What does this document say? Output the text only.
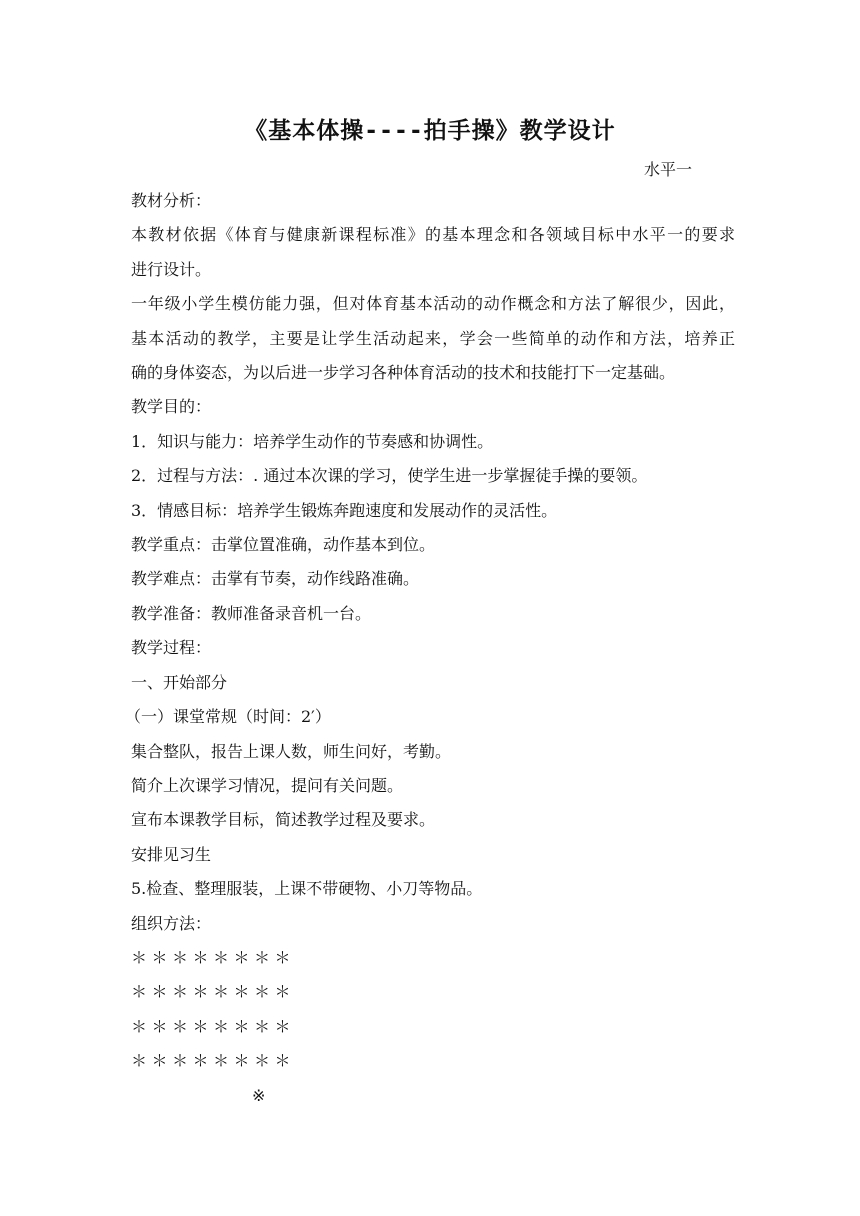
《基本体操----拍手操》教学设计
水平一

教材分析：

本教材依据《体育与健康新课程标准》的基本理念和各领域目标中水平一的要求

进行设计。

一年级小学生模仿能力强，但对体育基本活动的动作概念和方法了解很少，因此，

基本活动的教学，主要是让学生活动起来，学会一些简单的动作和方法，培养正

确的身体姿态，为以后进一步学习各种体育活动的技术和技能打下一定基础。

教学目的：

1．知识与能力：培养学生动作的节奏感和协调性。

2．过程与方法：. 通过本次课的学习，使学生进一步掌握徒手操的要领。

3．情感目标：培养学生锻炼奔跑速度和发展动作的灵活性。

教学重点：击掌位置准确，动作基本到位。

教学难点：击掌有节奏，动作线路准确。

教学准备：教师准备录音机一台。

教学过程：

一、开始部分

（一）课堂常规（时间：2′）

集合整队，报告上课人数，师生问好，考勤。

简介上次课学习情况，提问有关问题。

宣布本课教学目标，简述教学过程及要求。

安排见习生

5.检查、整理服装，上课不带硬物、小刀等物品。

组织方法：

＊＊＊＊＊＊＊＊

＊＊＊＊＊＊＊＊

＊＊＊＊＊＊＊＊

＊＊＊＊＊＊＊＊

※
